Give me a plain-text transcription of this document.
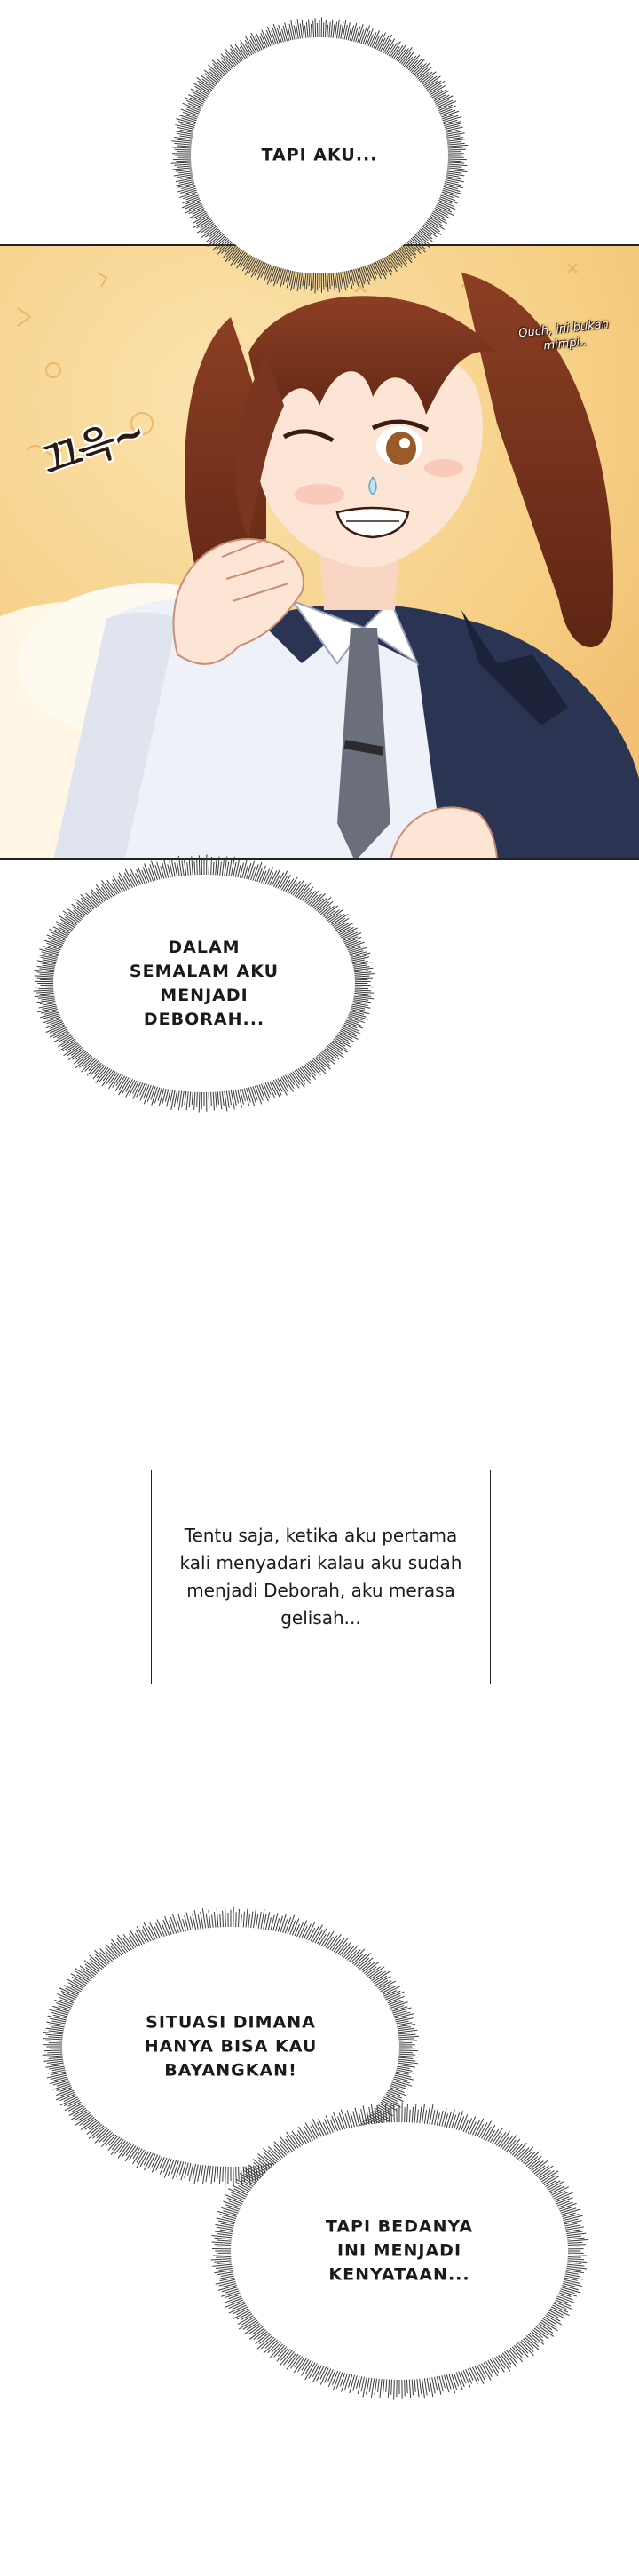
TAPI AKU...
Ouch, ini bukan mimpi..
끄윽~
DALAM SEMALAM AKU MENJADI DEBORAH...

Tentu saja, ketika aku pertama kali menyadari kalau aku sudah menjadi Deborah, aku merasa gelisah...

SITUASI DIMANA HANYA BISA KAU BAYANGKAN!
TAPI BEDANYA INI MENJADI KENYATAAN...
